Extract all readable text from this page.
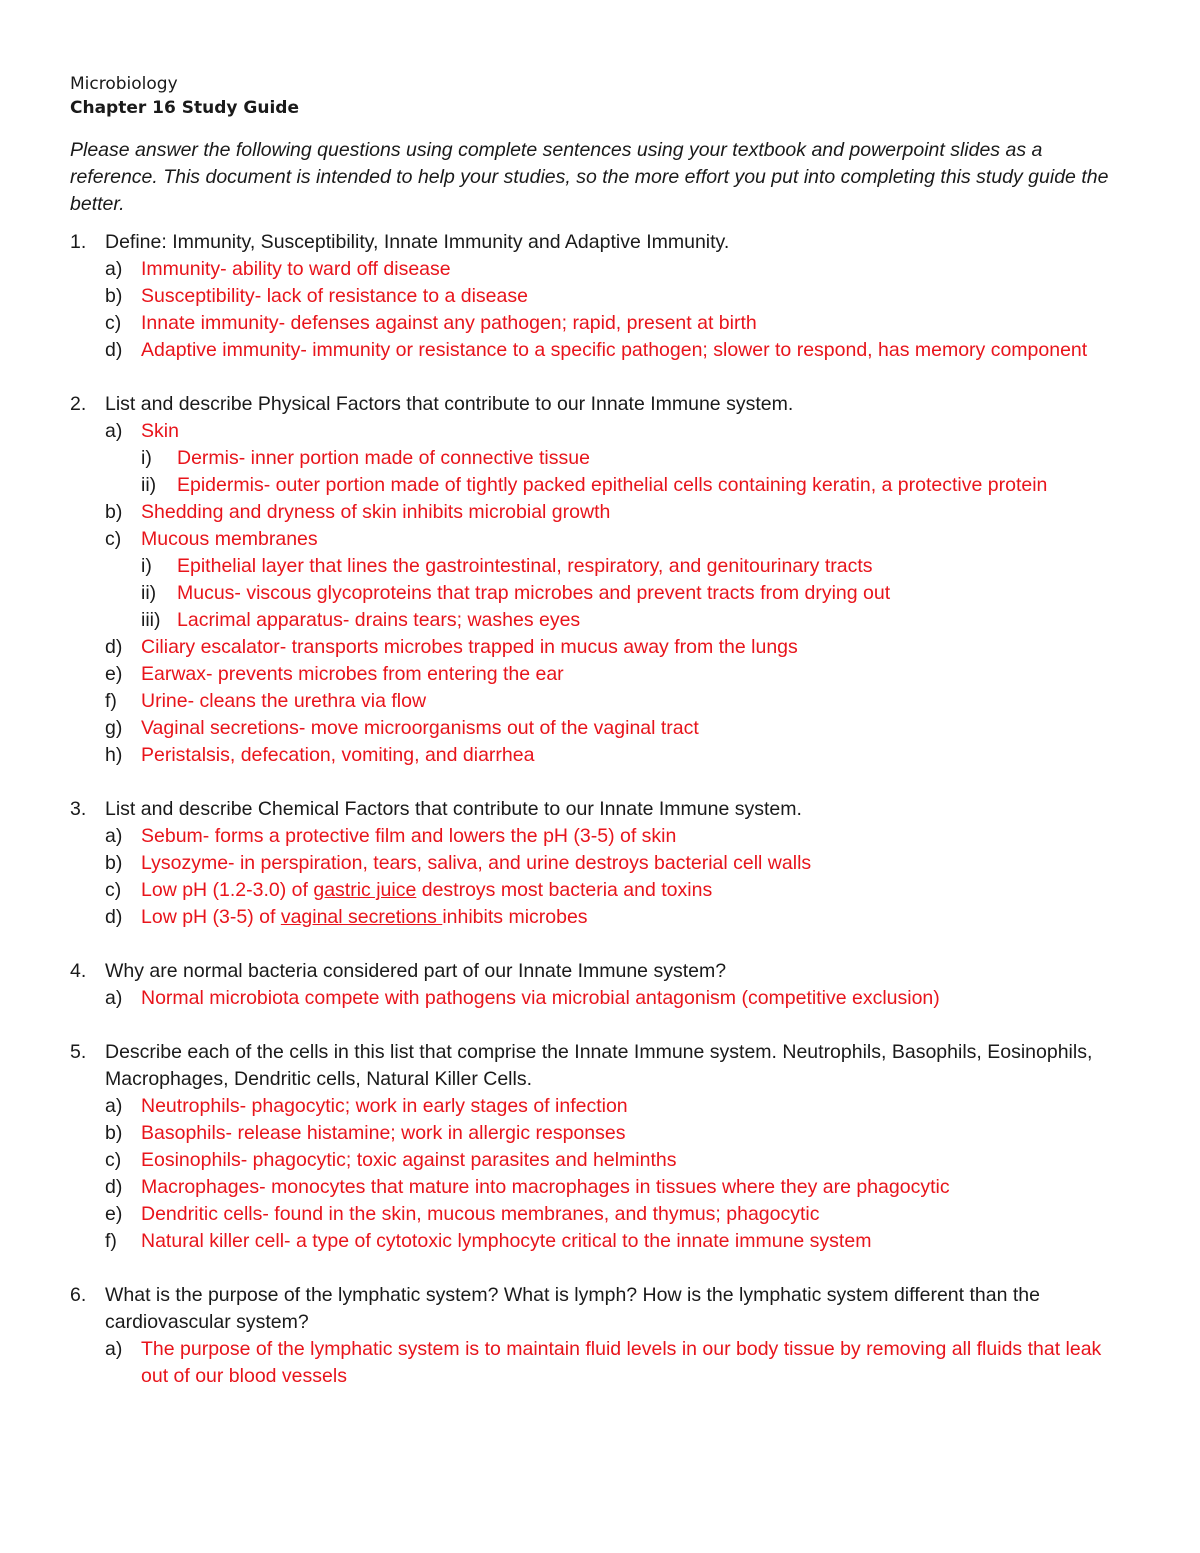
Microbiology

Chapter 16 Study Guide

Please answer the following questions using complete sentences using your textbook and powerpoint slides as a reference. This document is intended to help your studies, so the more effort you put into completing this study guide the better.

1. Define: Immunity, Susceptibility, Innate Immunity and Adaptive Immunity.
a) Immunity- ability to ward off disease
b) Susceptibility- lack of resistance to a disease
c) Innate immunity- defenses against any pathogen; rapid, present at birth
d) Adaptive immunity- immunity or resistance to a specific pathogen; slower to respond, has memory component
2. List and describe Physical Factors that contribute to our Innate Immune system.
a) Skin
i) Dermis- inner portion made of connective tissue
ii) Epidermis- outer portion made of tightly packed epithelial cells containing keratin, a protective protein
b) Shedding and dryness of skin inhibits microbial growth
c) Mucous membranes
i) Epithelial layer that lines the gastrointestinal, respiratory, and genitourinary tracts
ii) Mucus- viscous glycoproteins that trap microbes and prevent tracts from drying out
iii) Lacrimal apparatus- drains tears; washes eyes
d) Ciliary escalator- transports microbes trapped in mucus away from the lungs
e) Earwax- prevents microbes from entering the ear
f) Urine- cleans the urethra via flow
g) Vaginal secretions- move microorganisms out of the vaginal tract
h) Peristalsis, defecation, vomiting, and diarrhea
3. List and describe Chemical Factors that contribute to our Innate Immune system.
a) Sebum- forms a protective film and lowers the pH (3-5) of skin
b) Lysozyme- in perspiration, tears, saliva, and urine destroys bacterial cell walls
c) Low pH (1.2-3.0) of gastric juice destroys most bacteria and toxins
d) Low pH (3-5) of vaginal secretions inhibits microbes
4. Why are normal bacteria considered part of our Innate Immune system?
a) Normal microbiota compete with pathogens via microbial antagonism (competitive exclusion)
5. Describe each of the cells in this list that comprise the Innate Immune system. Neutrophils, Basophils, Eosinophils, Macrophages, Dendritic cells, Natural Killer Cells.
a) Neutrophils- phagocytic; work in early stages of infection
b) Basophils- release histamine; work in allergic responses
c) Eosinophils- phagocytic; toxic against parasites and helminths
d) Macrophages- monocytes that mature into macrophages in tissues where they are phagocytic
e) Dendritic cells- found in the skin, mucous membranes, and thymus; phagocytic
f) Natural killer cell- a type of cytotoxic lymphocyte critical to the innate immune system
6. What is the purpose of the lymphatic system? What is lymph? How is the lymphatic system different than the cardiovascular system?
a) The purpose of the lymphatic system is to maintain fluid levels in our body tissue by removing all fluids that leak out of our blood vessels
